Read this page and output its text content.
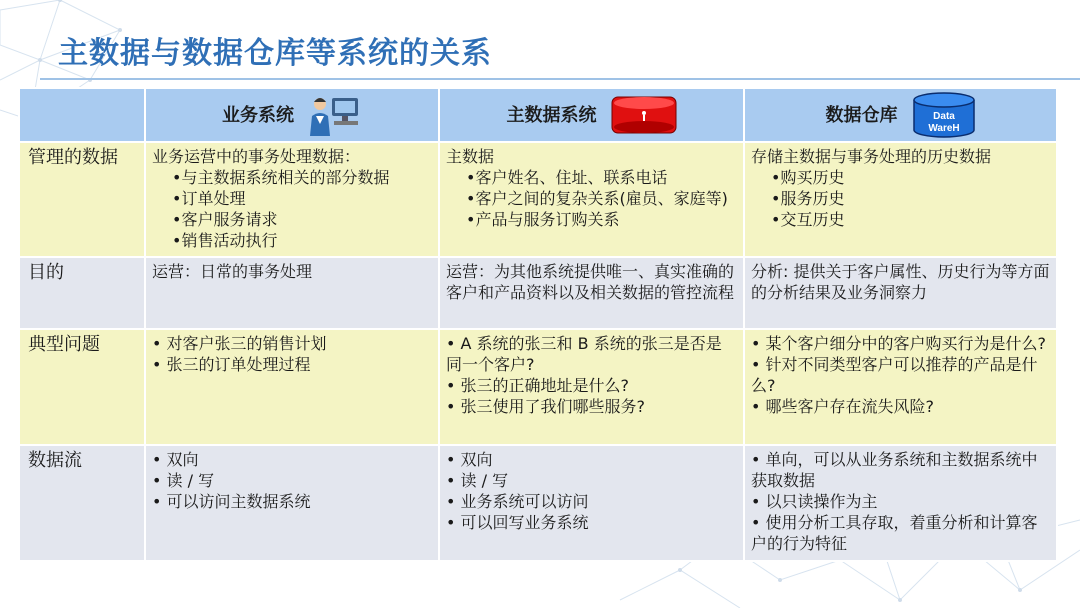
主数据与数据仓库等系统的关系

	业务系统	主数据系统	数据仓库 Data
WareH

管理的数据	业务运营中的事务处理数据：
•与主数据系统相关的部分数据
•订单处理
•客户服务请求
•销售活动执行	主数据
•客户姓名、住址、联系电话
•客户之间的复杂关系(雇员、家庭等)
•产品与服务订购关系	存储主数据与事务处理的历史数据
•购买历史
•服务历史
•交互历史

目的	运营：日常的事务处理	运营：为其他系统提供唯一、真实准确的客户和产品资料以及相关数据的管控流程	分析: 提供关于客户属性、历史行为等方面的分析结果及业务洞察力

典型问题	• 对客户张三的销售计划
• 张三的订单处理过程	• A 系统的张三和 B 系统的张三是否是同一个客户?
• 张三的正确地址是什么?
• 张三使用了我们哪些服务?	• 某个客户细分中的客户购买行为是什么?
• 针对不同类型客户可以推荐的产品是什么?
• 哪些客户存在流失风险?

数据流	• 双向
• 读 / 写
• 可以访问主数据系统	• 双向
• 读 / 写
• 业务系统可以访问
• 可以回写业务系统	• 单向，可以从业务系统和主数据系统中获取数据
• 以只读操作为主
• 使用分析工具存取，着重分析和计算客户的行为特征
